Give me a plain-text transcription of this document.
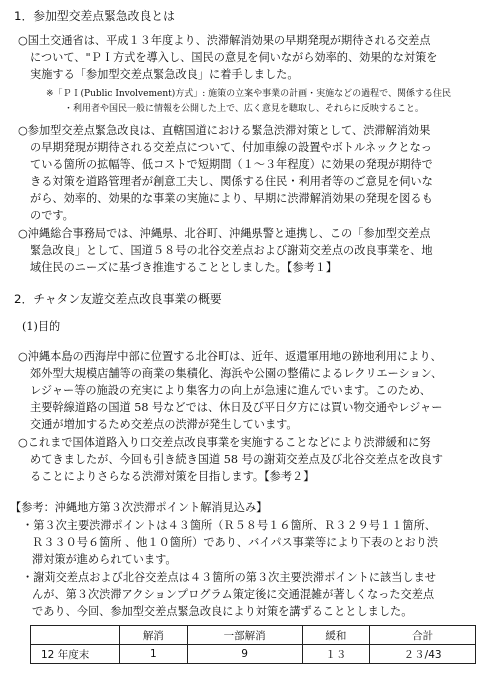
1．参加型交差点緊急改良とは
○国土交通省は、平成１３年度より、渋滞解消効果の早期発現が期待される交差点
について、"ＰＩ方式を導入し、国民の意見を伺いながら効率的、効果的な対策を
実施する「参加型交差点緊急改良」に着手しました。
※「ＰＩ(Public Involvement)方式」: 施策の立案や事業の計画・実施などの過程で、関係する住民
・利用者や国民一般に情報を公開した上で、広く意見を聴取し、それらに反映すること。
○参加型交差点緊急改良は、直轄国道における緊急渋滞対策として、渋滞解消効果
の早期発現が期待される交差点について、付加車線の設置やボトルネックとなっ
ている箇所の拡幅等、低コストで短期間（１～３年程度）に効果の発現が期待で
きる対策を道路管理者が創意工夫し、関係する住民・利用者等のご意見を伺いな
がら、効率的、効果的な事業の実施により、早期に渋滞解消効果の発現を図るも
のです。
○沖縄総合事務局では、沖縄県、北谷町、沖縄県警と連携し、この「参加型交差点
緊急改良」として、国道５８号の北谷交差点および謝苅交差点の改良事業を、地
域住民のニーズに基づき推進することとしました。【参考１】
2．チャタン友遊交差点改良事業の概要
(1)目的
○沖縄本島の西海岸中部に位置する北谷町は、近年、返還軍用地の跡地利用により、
郊外型大規模店舗等の商業の集積化、海浜や公園の整備によるレクリエーション、
レジャー等の施設の充実により集客力の向上が急速に進んでいます。このため、
主要幹線道路の国道 58 号などでは、休日及び平日夕方には買い物交通やレジャー
交通が増加するため交差点の渋滞が発生しています。
○これまで国体道路入り口交差点改良事業を実施することなどにより渋滞緩和に努
めてきましたが、今回も引き続き国道 58 号の謝苅交差点及び北谷交差点を改良す
ることによりさらなる渋滞対策を目指します。【参考２】
【参考：沖縄地方第３次渋滞ポイント解消見込み】
・第３次主要渋滞ポイントは４３箇所（Ｒ５８号１６箇所、Ｒ３２９号１１箇所、
Ｒ３３０号６箇所 、他１０箇所）であり、バイパス事業等により下表のとおり渋
滞対策が進められています。
・謝苅交差点および北谷交差点は４３箇所の第３次主要渋滞ポイントに該当しませ
んが、第３次渋滞アクションプログラム策定後に交通混雑が著しくなった交差点
であり、今回、参加型交差点緊急改良により対策を講ずることとしました。
	解消	一部解消	緩和	合計
12 年度末	1	9	１３	２３/43
